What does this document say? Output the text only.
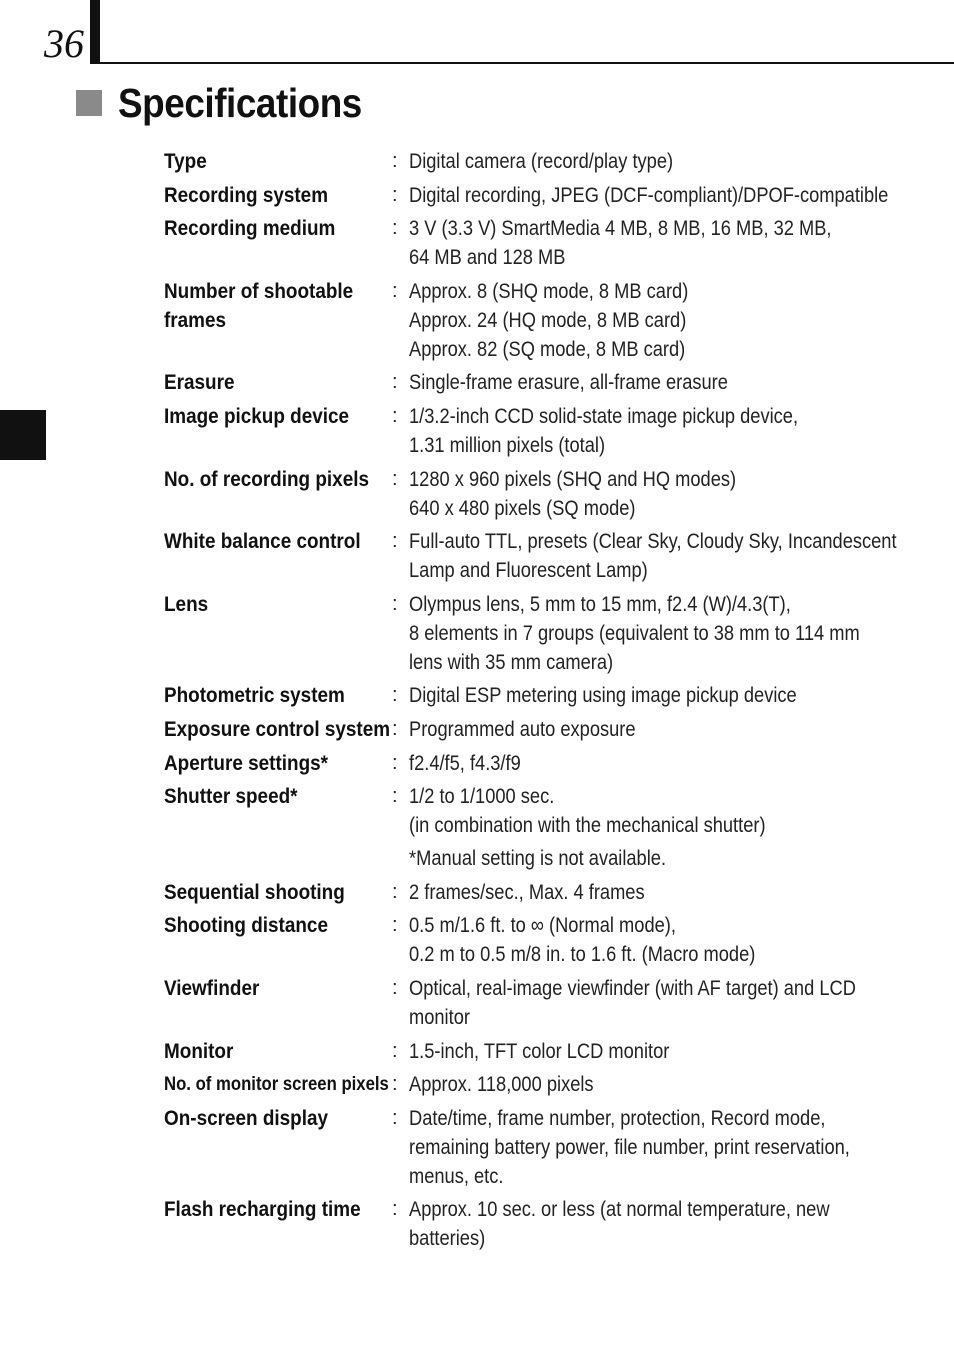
36
Specifications
Type	: Digital camera (record/play type)
Recording system	: Digital recording, JPEG (DCF-compliant)/DPOF-compatible
Recording medium	: 3 V (3.3 V) SmartMedia 4 MB, 8 MB, 16 MB, 32 MB,
64 MB and 128 MB
Number of shootable
frames
: Approx. 8 (SHQ mode, 8 MB card)
Approx. 24 (HQ mode, 8 MB card)
Approx. 82 (SQ mode, 8 MB card)
Erasure	: Single-frame erasure, all-frame erasure
Image pickup device	: 1/3.2-inch CCD solid-state image pickup device,
1.31 million pixels (total)
No. of recording pixels : 1280 x 960 pixels (SHQ and HQ modes)
640 x 480 pixels (SQ mode)
White balance control : Full-auto TTL, presets (Clear Sky, Cloudy Sky, Incandescent
Lamp and Fluorescent Lamp)
Lens	: Olympus lens, 5 mm to 15 mm, f2.4 (W)/4.3(T),
8 elements in 7 groups (equivalent to 38 mm to 114 mm
lens with 35 mm camera)
Photometric system	: Digital ESP metering using image pickup device
Exposure control system : Programmed auto exposure
Aperture settings*	: f2.4/f5, f4.3/f9
Shutter speed*	: 1/2 to 1/1000 sec.
(in combination with the mechanical shutter)
*Manual setting is not available.
Sequential shooting	: 2 frames/sec., Max. 4 frames
Shooting distance	: 0.5 m/1.6 ft. to ∞ (Normal mode),
0.2 m to 0.5 m/8 in. to 1.6 ft. (Macro mode)
Viewfinder	: Optical, real-image viewfinder (with AF target) and LCD
monitor
Monitor	: 1.5-inch, TFT color LCD monitor
No. of monitor screen pixels : Approx. 118,000 pixels
On-screen display	: Date/time, frame number, protection, Record mode,
remaining battery power, file number, print reservation,
menus, etc.
Flash recharging time : Approx. 10 sec. or less (at normal temperature, new
batteries)
